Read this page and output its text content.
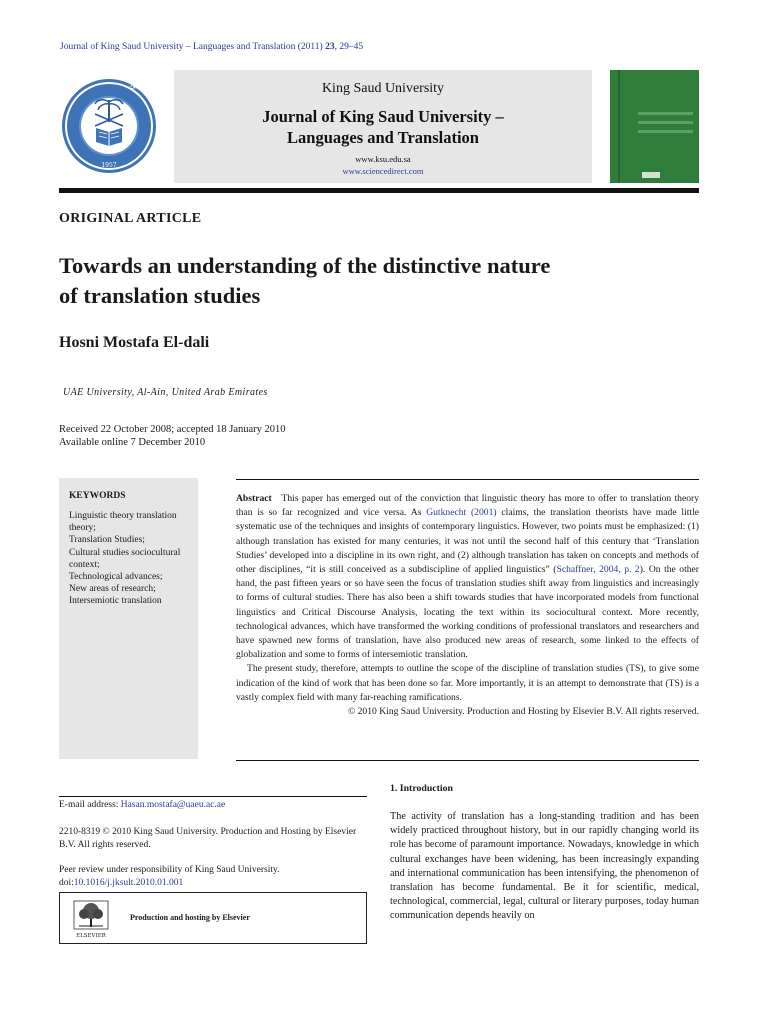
Journal of King Saud University – Languages and Translation (2011) 23, 29–45
King ity
لملك سعود
1957
King Saud University
Journal of King Saud University –
Languages and Translation
www.ksu.edu.sa
www.sciencedirect.com
ORIGINAL ARTICLE
Towards an understanding of the distinctive nature
of translation studies
Hosni Mostafa El-dali
UAE University, Al-Ain, United Arab Emirates
Received 22 October 2008; accepted 18 January 2010
Available online 7 December 2010
KEYWORDS
Linguistic theory translation theory;
Translation Studies;
Cultural studies sociocultural context;
Technological advances;
New areas of research;
Intersemiotic translation

Abstract This paper has emerged out of the conviction that linguistic theory has more to offer to translation theory than is so far recognized and vice versa. As Gutknecht (2001) claims, the translation theorists have made little systematic use of the techniques and insights of contemporary linguistics. However, two points must be emphasized: (1) although translation has existed for many centuries, it was not until the second half of this century that ‘Translation Studies’ developed into a discipline in its own right, and (2) although translation has taken on concepts and methods of other disciplines, “it is still conceived as a subdiscipline of applied linguistics” (Schaffner, 2004, p. 2). On the other hand, the past fifteen years or so have seen the focus of translation studies shift away from linguistics and increasingly to forms of cultural studies. There has also been a shift towards studies that have incorporated models from functional linguistics and Critical Discourse Analysis, locating the text within its sociocultural context. More recently, technological advances, which have transformed the working conditions of professional translators and researchers and have spawned new forms of translation, have also produced new areas of research, some linked to the effects of globalization and some to forms of intersemiotic translation.

The present study, therefore, attempts to outline the scope of the discipline of translation studies (TS), to give some indication of the kind of work that has been done so far. More importantly, it is an attempt to demonstrate that (TS) is a vastly complex field with many far-reaching ramifications.

© 2010 King Saud University. Production and Hosting by Elsevier B.V. All rights reserved.

E-mail address: Hasan.mostafa@uaeu.ac.ae
2210-8319 © 2010 King Saud University. Production and Hosting by Elsevier B.V. All rights reserved.
Peer review under responsibility of King Saud University.
doi:10.1016/j.jksult.2010.01.001
ELSEVIER
Production and hosting by Elsevier
1. Introduction
The activity of translation has a long-standing tradition and has been widely practiced throughout history, but in our rapidly changing world its role has become of paramount importance. Nowadays, knowledge in which cultural exchanges have been widening, has been increasingly expanding and international communication has been intensifying, the phenomenon of translation has become fundamental. Be it for scientific, medical, technological, commercial, legal, cultural or literary purposes, today human communication depends heavily on
